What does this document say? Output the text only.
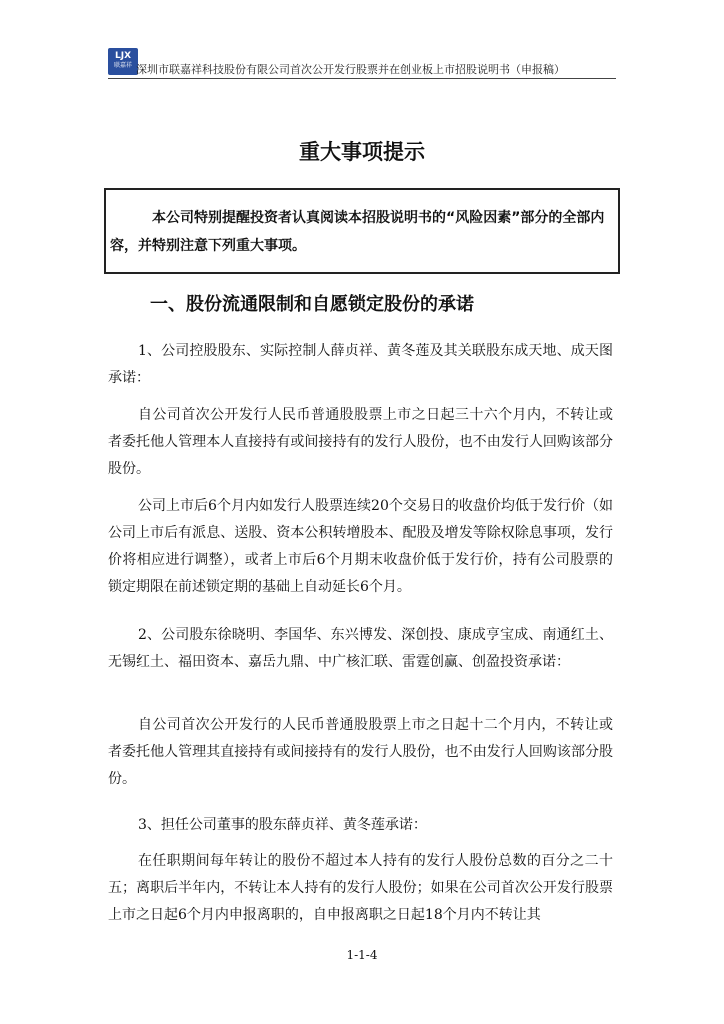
LJX
联嘉祥 深圳市联嘉祥科技股份有限公司首次公开发行股票并在创业板上市招股说明书（申报稿）
重大事项提示

本公司特别提醒投资者认真阅读本招股说明书的“风险因素”部分的全部内容，并特别注意下列重大事项。

一、股份流通限制和自愿锁定股份的承诺

1、公司控股股东、实际控制人薛贞祥、黄冬莲及其关联股东成天地、成天图承诺：

自公司首次公开发行人民币普通股股票上市之日起三十六个月内，不转让或者委托他人管理本人直接持有或间接持有的发行人股份，也不由发行人回购该部分股份。

公司上市后6个月内如发行人股票连续20个交易日的收盘价均低于发行价（如公司上市后有派息、送股、资本公积转增股本、配股及增发等除权除息事项，发行价将相应进行调整），或者上市后6个月期末收盘价低于发行价，持有公司股票的锁定期限在前述锁定期的基础上自动延长6个月。

2、公司股东徐晓明、李国华、东兴博发、深创投、康成亨宝成、南通红土、无锡红土、福田资本、嘉岳九鼎、中广核汇联、雷霆创赢、创盈投资承诺：

自公司首次公开发行的人民币普通股股票上市之日起十二个月内，不转让或者委托他人管理其直接持有或间接持有的发行人股份，也不由发行人回购该部分股份。

3、担任公司董事的股东薛贞祥、黄冬莲承诺：

在任职期间每年转让的股份不超过本人持有的发行人股份总数的百分之二十五；离职后半年内，不转让本人持有的发行人股份；如果在公司首次公开发行股票上市之日起6个月内申报离职的，自申报离职之日起18个月内不转让其

1-1-4
